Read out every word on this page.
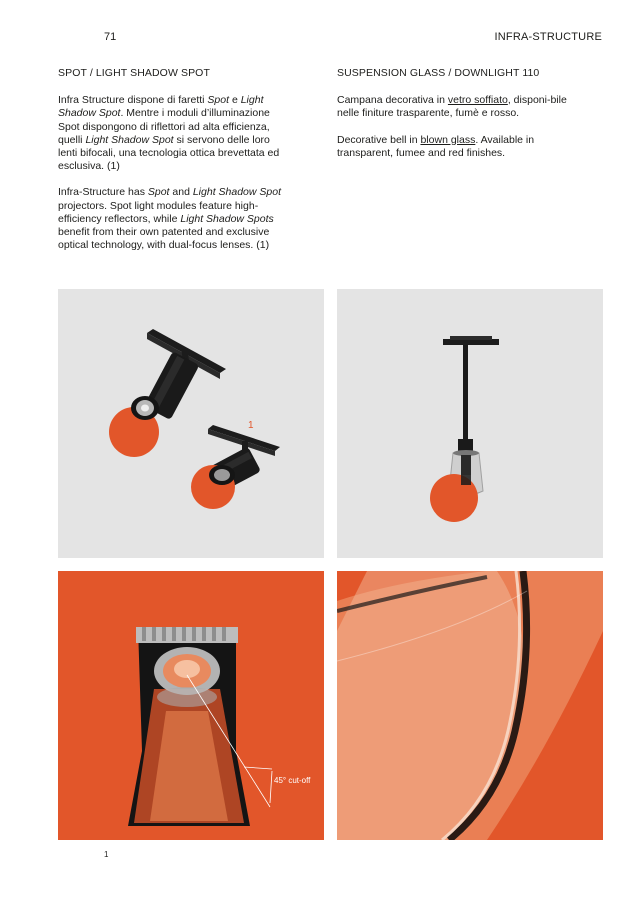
71	INFRA-STRUCTURE
SPOT / LIGHT SHADOW SPOT

Infra Structure dispone di faretti Spot e Light Shadow Spot. Mentre i moduli d’illuminazione Spot dispongono di riflettori ad alta efficienza, quelli Light Shadow Spot si servono delle loro lenti bifocali, una tecnologia ottica brevettata ed esclusiva. (1)

Infra-Structure has Spot and Light Shadow Spot projectors. Spot light modules feature high-efficiency reflectors, while Light Shadow Spots benefit from their own patented and exclusive optical technology, with dual-focus lenses. (1)

SUSPENSION GLASS / DOWNLIGHT 110

Campana decorativa in vetro soffiato, disponi-bile nelle finiture trasparente, fumè e rosso.

Decorative bell in blown glass. Available in transparent, fumee and red finishes.

1
45° cut-off
1
